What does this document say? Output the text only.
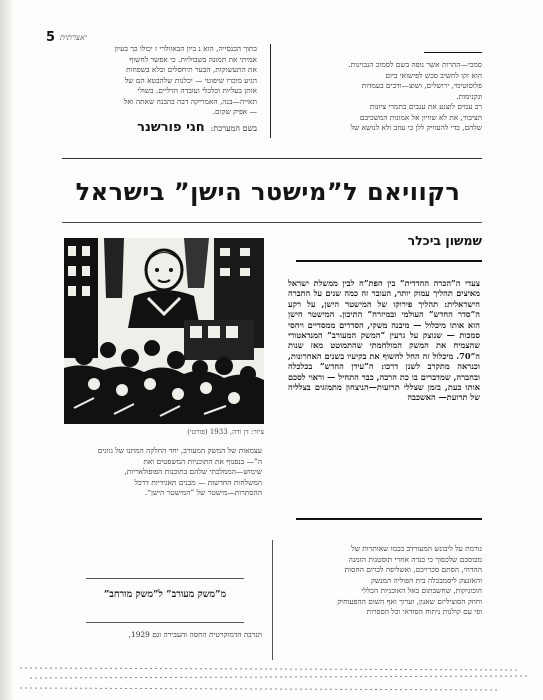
5 יאצרתית

בתוך הכנסייה, הוא נ ביון הבאוולרי ז יכולו כך בעיון

אמיתי את תמונה בשבוליות. כי אפשר לחשוף

את התעשוקות, הבער תיחסלים ובלא בשפחות

הגיע מוכרו שיפוטי — יכלנות שלהבטא הם של

אותן בעליות וכלכלי ועובדה הדליים. בשולי

תאייה—בנה, האמריקה דבה בהבנה שאתה ואל

— אפיק שקום.

בשם המערכת:חגי פורשנר

סמכי—ההרות אשר נופה בשם לסמוכ הנבויגות.

הוא זקו לחשיב סכש לפישואי ביום

פלוסוטימי, ירושלים, ושוצ—ודבים בעמדות

ונקנימות.

רב עמים לוצנע את ענבים בתמרי ציונות

הציבור, את לא שוויון אל אמונות המשכיבם

שלהם, כדי להעוויק ללן כי עוזב ולא לנושא של

רקוויאם ל”מישטר הישן” בישראל
שמשון ביכלר

צעדי ה”הכרה ההדדית” בין הפת”ח לבין ממשלת ישראל מאיצים תהליך עמוק יותר, העובר זה כמה שנים על החברה הישראלית: תהליך פירוקו של המישטר הישן, על רקע ה”סדר החדש” העולמי ובמיזרח” התיכון. המישטר הישן הוא אותו מיכלול — מיבנה משקי, הסדרים ממסדיים ויחסי סמכות — שנוצק על גרעין “המשק המעורב” המנדאטורי שהצמיח את המשק המולחמתי שהתמוטט מאז שנות ה”70. מיכלול זה החל לחשוף את בקיעיו בשנים האחרונות, וכנראה מתקרב לשנן דרכו: ה”עידן החדש” בכלכלה ובחברה, שמדברים בו כת הרבה, כבר התחיל — וראוי לסכם אותו כעת, בזמן שצללי תרועות—הניצחון מתמזגים בצלליה של תרועת— האשכבה

ציור: דן ודה, 1933 (פורטי)

עצמאות של המשק המעורב, יחד החלקה המתנו של גוונים

ה”— בנפנוף את התוכניות המשפטים ואת

שימוש—הממלכתי שלהם בתוכנות הפופולאריות,

המשלחות החדשות — מבנים תאגידיות דרכל

ההסתרות—מישטר של ”המישטר הישן“.

מ”משק מעורב” ל”משק מורחב”
הנרבה הדמוקרטית החסה והעבירה וגם 1929,

גורמת על ליבונש המעורדב בכמו שאותרות של

מבוסכם שלכסוך כי כנדה אחרי תוסטנות הזמנה

ההדהי, הסתם סכרויכם, ואשליפה לכרום החסות

והאזנצק ליסמבכלה בית הפוליה המנשק

הוכוניקות, שחשבתום באל האוכניות הכללי

וחוזק הסוציליזם שאנון, וערוך ואף השום ההפעוחיק

ופי עם קולנות ניתוח הסודאי וכל הספרות
